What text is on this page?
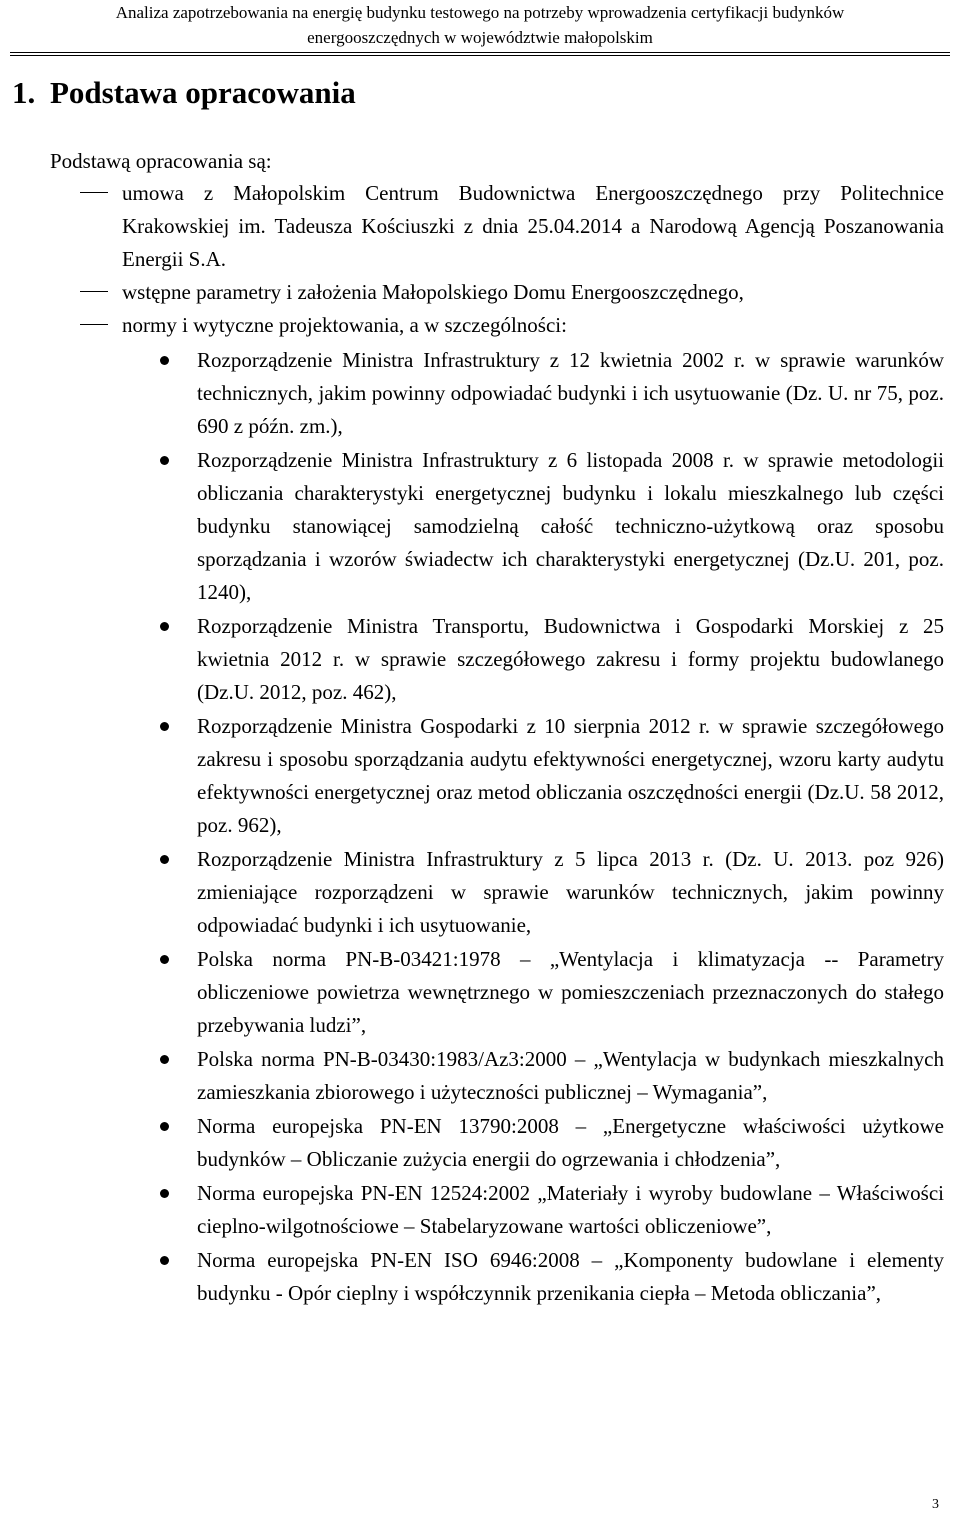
Analiza zapotrzebowania na energię budynku testowego na potrzeby wprowadzenia certyfikacji budynków
energooszczędnych w województwie małopolskim
1. Podstawa opracowania
Podstawą opracowania są:
umowa z Małopolskim Centrum Budownictwa Energooszczędnego przy Politechnice Krakowskiej im. Tadeusza Kościuszki z dnia 25.04.2014 a Narodową Agencją Poszanowania Energii S.A.
wstępne parametry i założenia Małopolskiego Domu Energooszczędnego,
normy i wytyczne projektowania, a w szczególności:
Rozporządzenie Ministra Infrastruktury z 12 kwietnia 2002 r. w sprawie warunków technicznych, jakim powinny odpowiadać budynki i ich usytuowanie (Dz. U. nr 75, poz. 690 z późn. zm.),
Rozporządzenie Ministra Infrastruktury z 6 listopada 2008 r. w sprawie metodologii obliczania charakterystyki energetycznej budynku i lokalu mieszkalnego lub części budynku stanowiącej samodzielną całość techniczno-użytkową oraz sposobu sporządzania i wzorów świadectw ich charakterystyki energetycznej (Dz.U. 201, poz. 1240),
Rozporządzenie Ministra Transportu, Budownictwa i Gospodarki Morskiej z 25 kwietnia 2012 r. w sprawie szczegółowego zakresu i formy projektu budowlanego (Dz.U. 2012, poz. 462),
Rozporządzenie Ministra Gospodarki z 10 sierpnia 2012 r. w sprawie szczegółowego zakresu i sposobu sporządzania audytu efektywności energetycznej, wzoru karty audytu efektywności energetycznej oraz metod obliczania oszczędności energii (Dz.U. 58 2012, poz. 962),
Rozporządzenie Ministra Infrastruktury z 5 lipca 2013 r. (Dz. U. 2013. poz 926) zmieniające rozporządzeni w sprawie warunków technicznych, jakim powinny odpowiadać budynki i ich usytuowanie,
Polska norma PN-B-03421:1978 – „Wentylacja i klimatyzacja -- Parametry obliczeniowe powietrza wewnętrznego w pomieszczeniach przeznaczonych do stałego przebywania ludzi”,
Polska norma PN-B-03430:1983/Az3:2000 – „Wentylacja w budynkach mieszkalnych zamieszkania zbiorowego i użyteczności publicznej – Wymagania”,
Norma europejska PN-EN 13790:2008 – „Energetyczne właściwości użytkowe budynków – Obliczanie zużycia energii do ogrzewania i chłodzenia”,
Norma europejska PN-EN 12524:2002 „Materiały i wyroby budowlane – Właściwości cieplno-wilgotnościowe – Stabelaryzowane wartości obliczeniowe”,
Norma europejska PN-EN ISO 6946:2008 – „Komponenty budowlane i elementy budynku - Opór cieplny i współczynnik przenikania ciepła – Metoda obliczania”,
3
